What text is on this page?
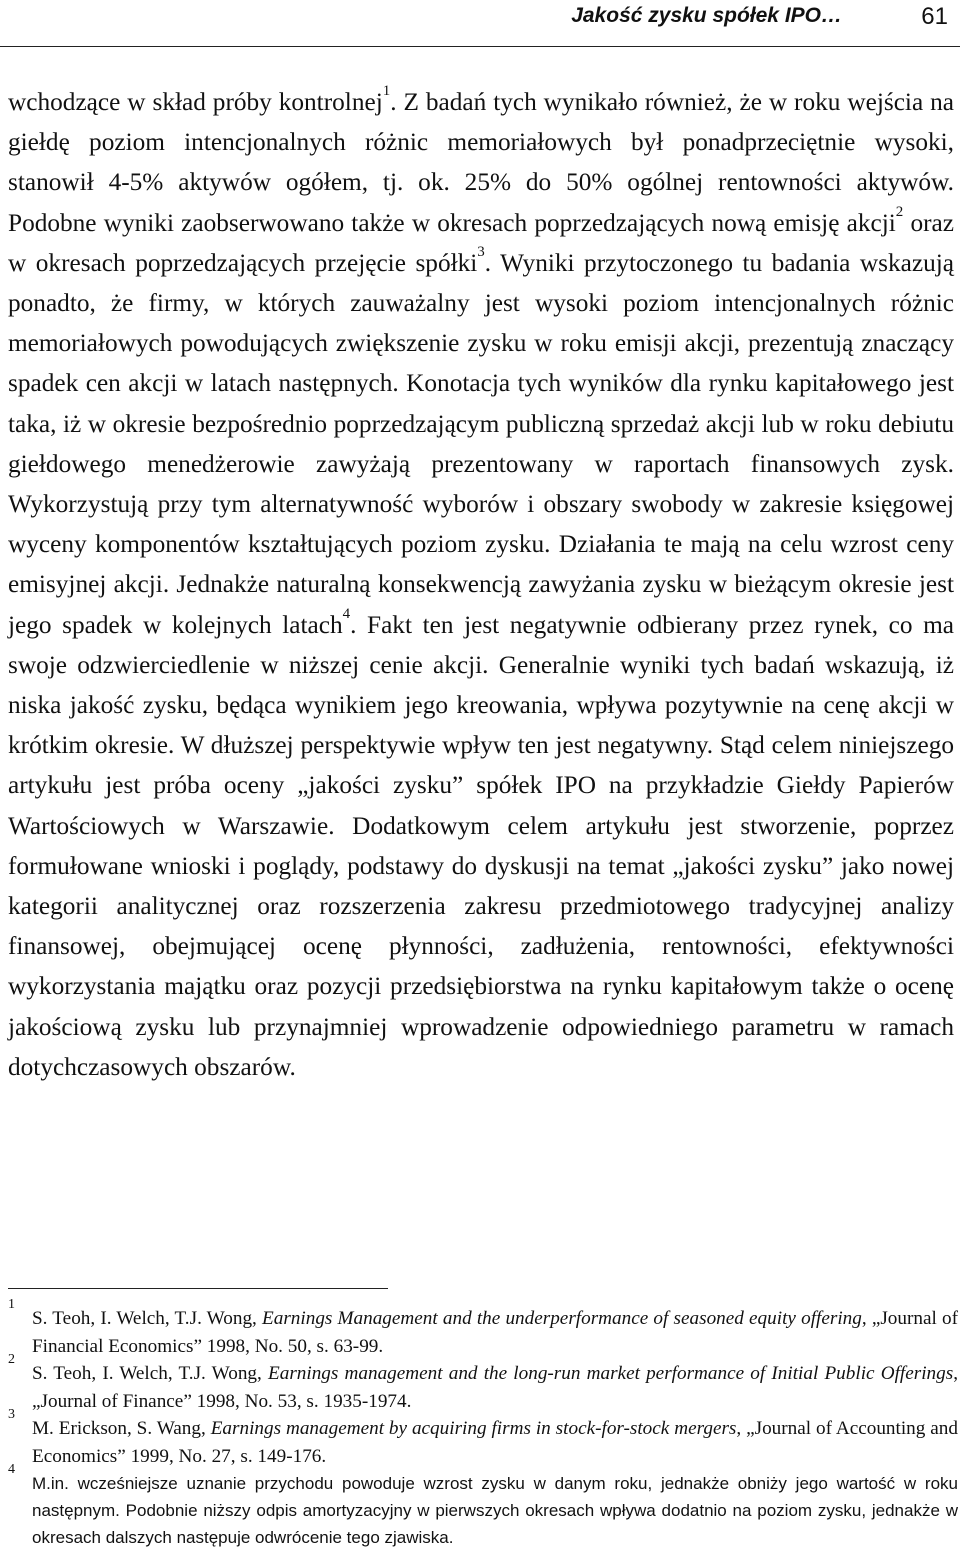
Jakość zysku spółek IPO…	61
wchodzące w skład próby kontrolnej$^1$. Z badań tych wynikało również, że w roku wejścia na giełdę poziom intencjonalnych różnic memoriałowych był ponadprzeciętnie wysoki, stanowił 4-5% aktywów ogółem, tj. ok. 25% do 50% ogólnej rentowności aktywów. Podobne wyniki zaobserwowano także w okresach poprzedzających nową emisję akcji$^2$ oraz w okresach poprzedzających przejęcie spółki$^3$. Wyniki przytoczonego tu badania wskazują ponadto, że firmy, w których zauważalny jest wysoki poziom intencjonalnych różnic memoriałowych powodujących zwiększenie zysku w roku emisji akcji, prezentują znaczący spadek cen akcji w latach następnych. Konotacja tych wyników dla rynku kapitałowego jest taka, iż w okresie bezpośrednio poprzedzającym publiczną sprzedaż akcji lub w roku debiutu giełdowego menedżerowie zawyżają prezentowany w raportach finansowych zysk. Wykorzystują przy tym alternatywność wyborów i obszary swobody w zakresie księgowej wyceny komponentów kształtujących poziom zysku. Działania te mają na celu wzrost ceny emisyjnej akcji. Jednakże naturalną konsekwencją zawyżania zysku w bieżącym okresie jest jego spadek w kolejnych latach$^4$. Fakt ten jest negatywnie odbierany przez rynek, co ma swoje odzwierciedlenie w niższej cenie akcji. Generalnie wyniki tych badań wskazują, iż niska jakość zysku, będąca wynikiem jego kreowania, wpływa pozytywnie na cenę akcji w krótkim okresie. W dłuższej perspektywie wpływ ten jest negatywny. Stąd celem niniejszego artykułu jest próba oceny „jakości zysku” spółek IPO na przykładzie Giełdy Papierów Wartościowych w Warszawie. Dodatkowym celem artykułu jest stworzenie, poprzez formułowane wnioski i poglądy, podstawy do dyskusji na temat „jakości zysku” jako nowej kategorii analitycznej oraz rozszerzenia zakresu przedmiotowego tradycyjnej analizy finansowej, obejmującej ocenę płynności, zadłużenia, rentowności, efektywności wykorzystania majątku oraz pozycji przedsiębiorstwa na rynku kapitałowym także o ocenę jakościową zysku lub przynajmniej wprowadzenie odpowiedniego parametru w ramach dotychczasowych obszarów.
1
S. Teoh, I. Welch, T.J. Wong, Earnings Management and the underperformance of seasoned equity offering, „Journal of Financial Economics” 1998, No. 50, s. 63-99.
2
S. Teoh, I. Welch, T.J. Wong, Earnings management and the long-run market performance of Initial Public Offerings, „Journal of Finance” 1998, No. 53, s. 1935-1974.
3
M. Erickson, S. Wang, Earnings management by acquiring firms in stock-for-stock mergers, „Journal of Accounting and Economics” 1999, No. 27, s. 149-176.
4
M.in. wcześniejsze uznanie przychodu powoduje wzrost zysku w danym roku, jednakże obniży jego wartość w roku następnym. Podobnie niższy odpis amortyzacyjny w pierwszych okresach wpływa dodatnio na poziom zysku, jednakże w okresach dalszych następuje odwrócenie tego zjawiska.
